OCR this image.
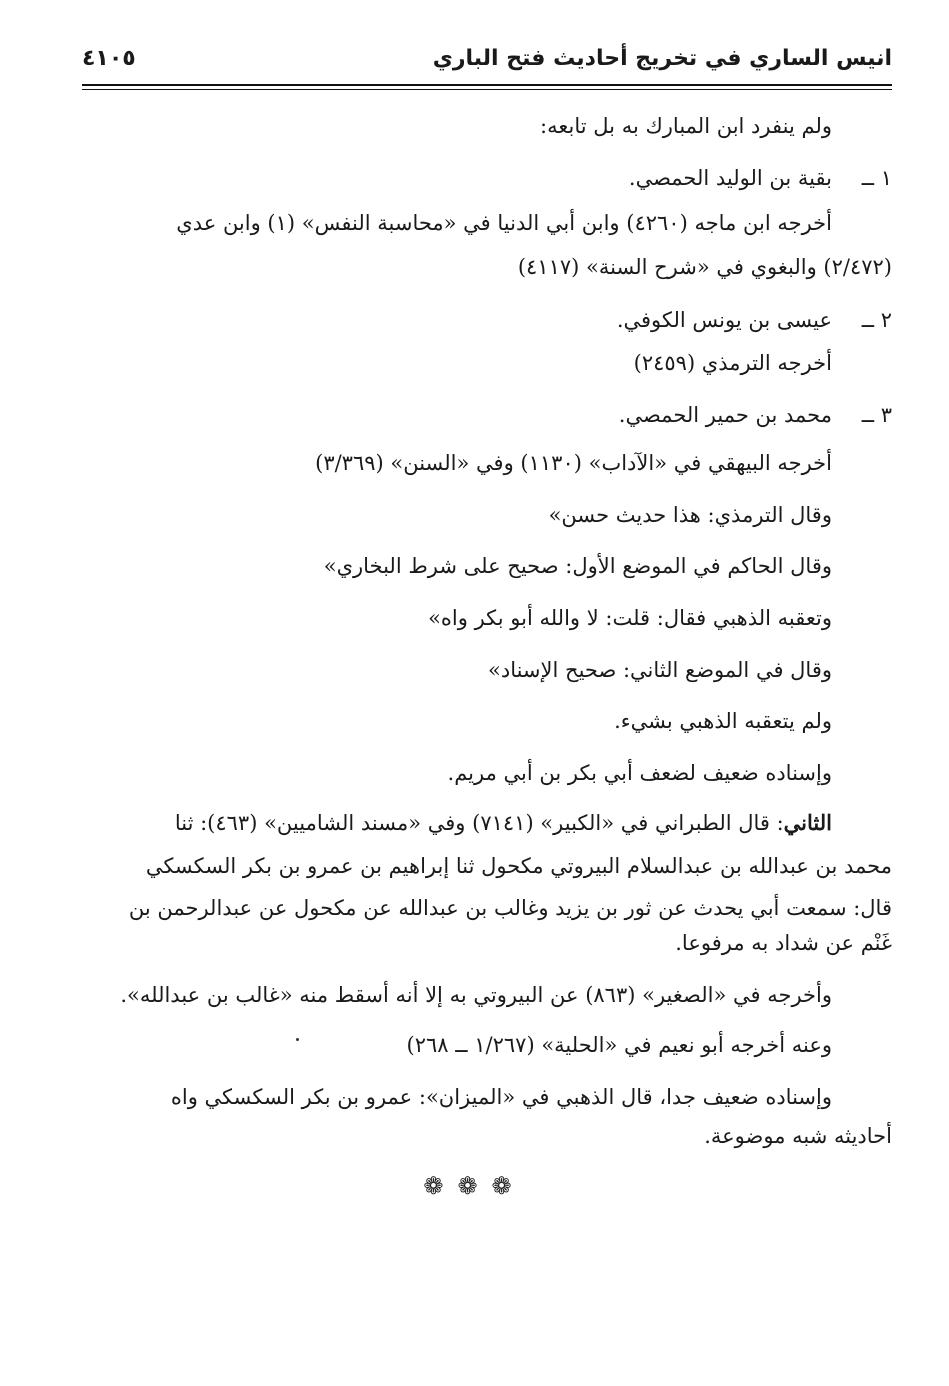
انيس الساري في تخريج أحاديث فتح الباري
٤١٠٥
ولم ينفرد ابن المبارك به بل تابعه:
١ ــ
بقية بن الوليد الحمصي.
أخرجه ابن ماجه (٤٢٦٠) وابن أبي الدنيا في «محاسبة النفس» (١) وابن عدي
(٢/٤٧٢) والبغوي في «شرح السنة» (٤١١٧)
٢ ــ
عيسى بن يونس الكوفي.
أخرجه الترمذي (٢٤٥٩)
٣ ــ
محمد بن حمير الحمصي.
أخرجه البيهقي في «الآداب» (١١٣٠) وفي «السنن» (٣/٣٦٩)
وقال الترمذي: هذا حديث حسن»
وقال الحاكم في الموضع الأول: صحيح على شرط البخاري»
وتعقبه الذهبي فقال: قلت: لا والله أبو بكر واه»
وقال في الموضع الثاني: صحيح الإسناد»
ولم يتعقبه الذهبي بشيء.
وإسناده ضعيف لضعف أبي بكر بن أبي مريم.
الثاني: قال الطبراني في «الكبير» (٧١٤١) وفي «مسند الشاميين» (٤٦٣): ثنا
محمد بن عبدالله بن عبدالسلام البيروتي مكحول ثنا إبراهيم بن عمرو بن بكر السكسكي
قال: سمعت أبي يحدث عن ثور بن يزيد وغالب بن عبدالله عن مكحول عن عبدالرحمن بن
غَنْم عن شداد به مرفوعا.
وأخرجه في «الصغير» (٨٦٣) عن البيروتي به إلا أنه أسقط منه «غالب بن عبدالله».
وعنه أخرجه أبو نعيم في «الحلية» (١/٢٦٧ ــ ٢٦٨)
وإسناده ضعيف جدا، قال الذهبي في «الميزان»: عمرو بن بكر السكسكي واه
أحاديثه شبه موضوعة.
❁❁❁
